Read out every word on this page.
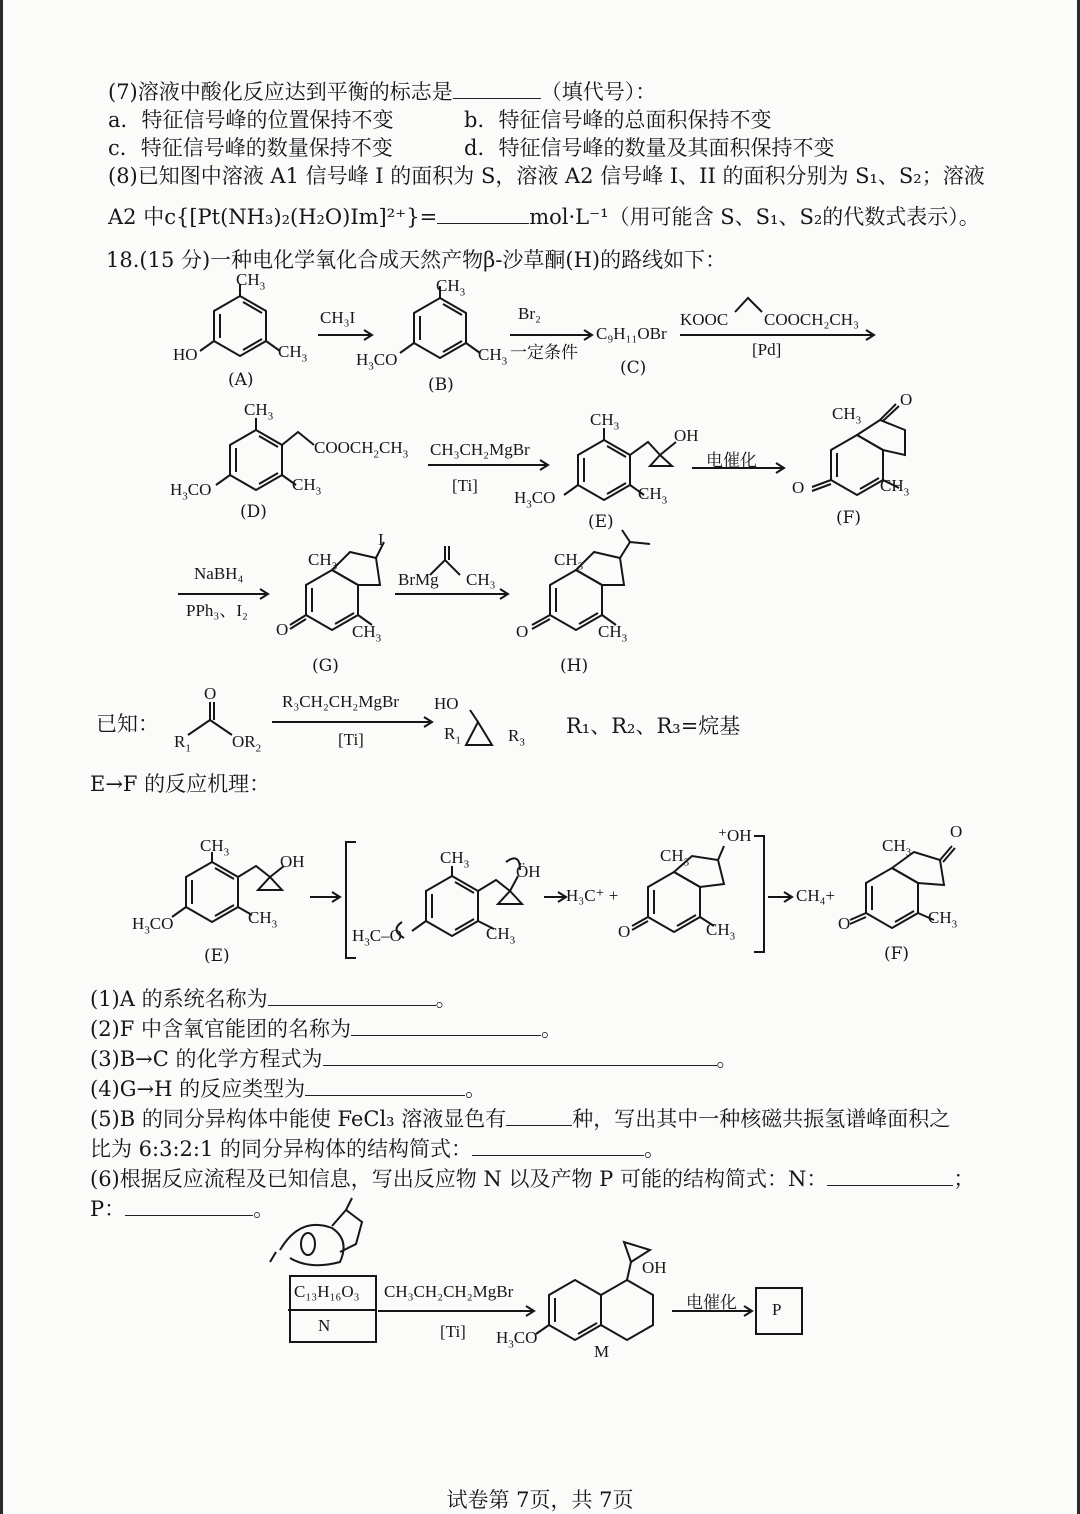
(7)溶液中酸化反应达到平衡的标志是	（填代号）：
a．特征信号峰的位置保持不变	b．特征信号峰的总面积保持不变
c．特征信号峰的数量保持不变	d．特征信号峰的数量及其面积保持不变
(8)已知图中溶液 A1 信号峰 I 的面积为 S，溶液 A2 信号峰 I、II 的面积分别为 S₁、S₂；溶液
A2 中c{[Pt(NH₃)₂(H₂O)Im]²⁺}=	mol·L⁻¹（用可能含 S、S₁、S₂的代数式表示）。
18.(15 分)一种电化学氧化合成天然产物β-沙草酮(H)的路线如下：
$CH_3$
HO	$CH_3$
(A)
CH₃I
$CH_3$
$H_3CO$	$CH_3$
(B)
Br₂
一定条件
C₉H₁₁OBr
(C)
KOOC COOCH₂CH₃
[Pd]
$CH_3$
$COOCH_2CH_3$
$H_3CO$	$CH_3$
(D)
CH₃CH₂MgBr
[Ti]
$CH_3$	OH
$H_3CO$	$CH_3$
(E)
电催化
$CH_3$
O
O	$CH_3$
(F)
NaBH₄
PPh₃、I₂
$CH_3$
I
O	$CH_3$
(G)
BrMg CH₃
$CH_3$
O	$CH_3$
(H)
已知：
O
$R_1$ $OR_2$
R₃CH₂CH₂MgBr
[Ti]
HO
$R_1$	$R_3$
R₁、R₂、R₃=烷基
E→F 的反应机理：
$CH_3$	OH
$H_3CO$	$CH_3$
(E)
$CH_3$	ÖH
$H_3C-O$	$CH_3$
H₃C⁺ +
$CH_3$
⁺OH
O	$CH_3$
CH₄+
$CH_3$
O
O	$CH_3$
(F)
(1)A 的系统名称为	。
(2)F 中含氧官能团的名称为	。
(3)B→C 的化学方程式为	。
(4)G→H 的反应类型为	。
(5)B 的同分异构体中能使 FeCl₃ 溶液显色有	种，写出其中一种核磁共振氢谱峰面积之
比为 6:3:2:1 的同分异构体的结构简式：	。
(6)根据反应流程及已知信息，写出反应物 N 以及产物 P 可能的结构简式：N：	；
P：	。
C₁₃H₁₆O₃
N
CH₃CH₂CH₂MgBr
[Ti]
OH
$H_3CO$
M
电催化 P
试卷第 7页，共 7页
